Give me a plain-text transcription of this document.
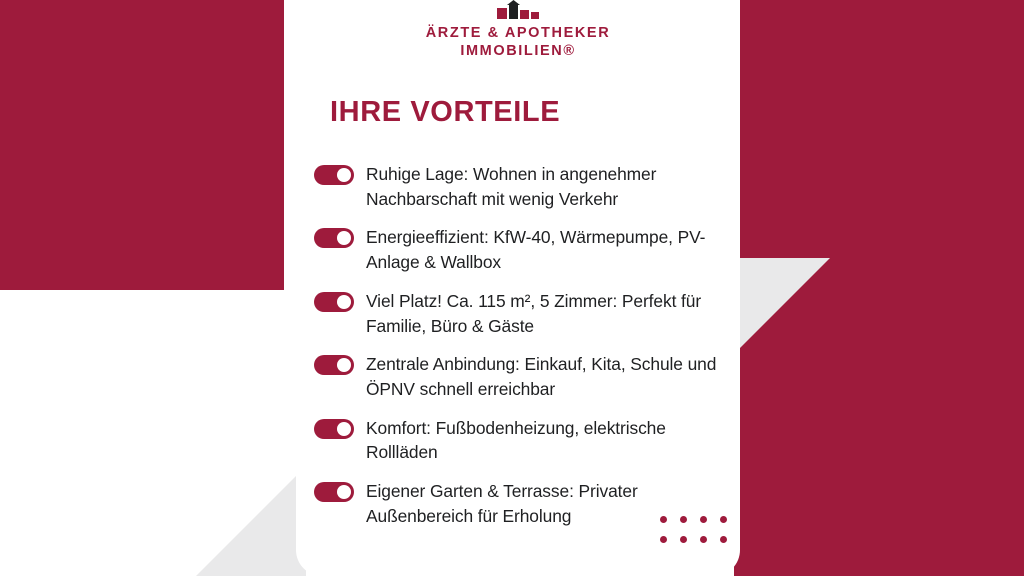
ÄRZTE & APOTHEKER
IMMOBILIEN®
IHRE VORTEILE
Ruhige Lage: Wohnen in angenehmer Nachbarschaft mit wenig Verkehr
Energieeffizient: KfW-40, Wärmepumpe, PV-Anlage & Wallbox
Viel Platz! Ca. 115 m², 5 Zimmer: Perfekt für Familie, Büro & Gäste
Zentrale Anbindung: Einkauf, Kita, Schule und ÖPNV schnell erreichbar
Komfort: Fußbodenheizung, elektrische Rollläden
Eigener Garten & Terrasse: Privater Außenbereich für Erholung
